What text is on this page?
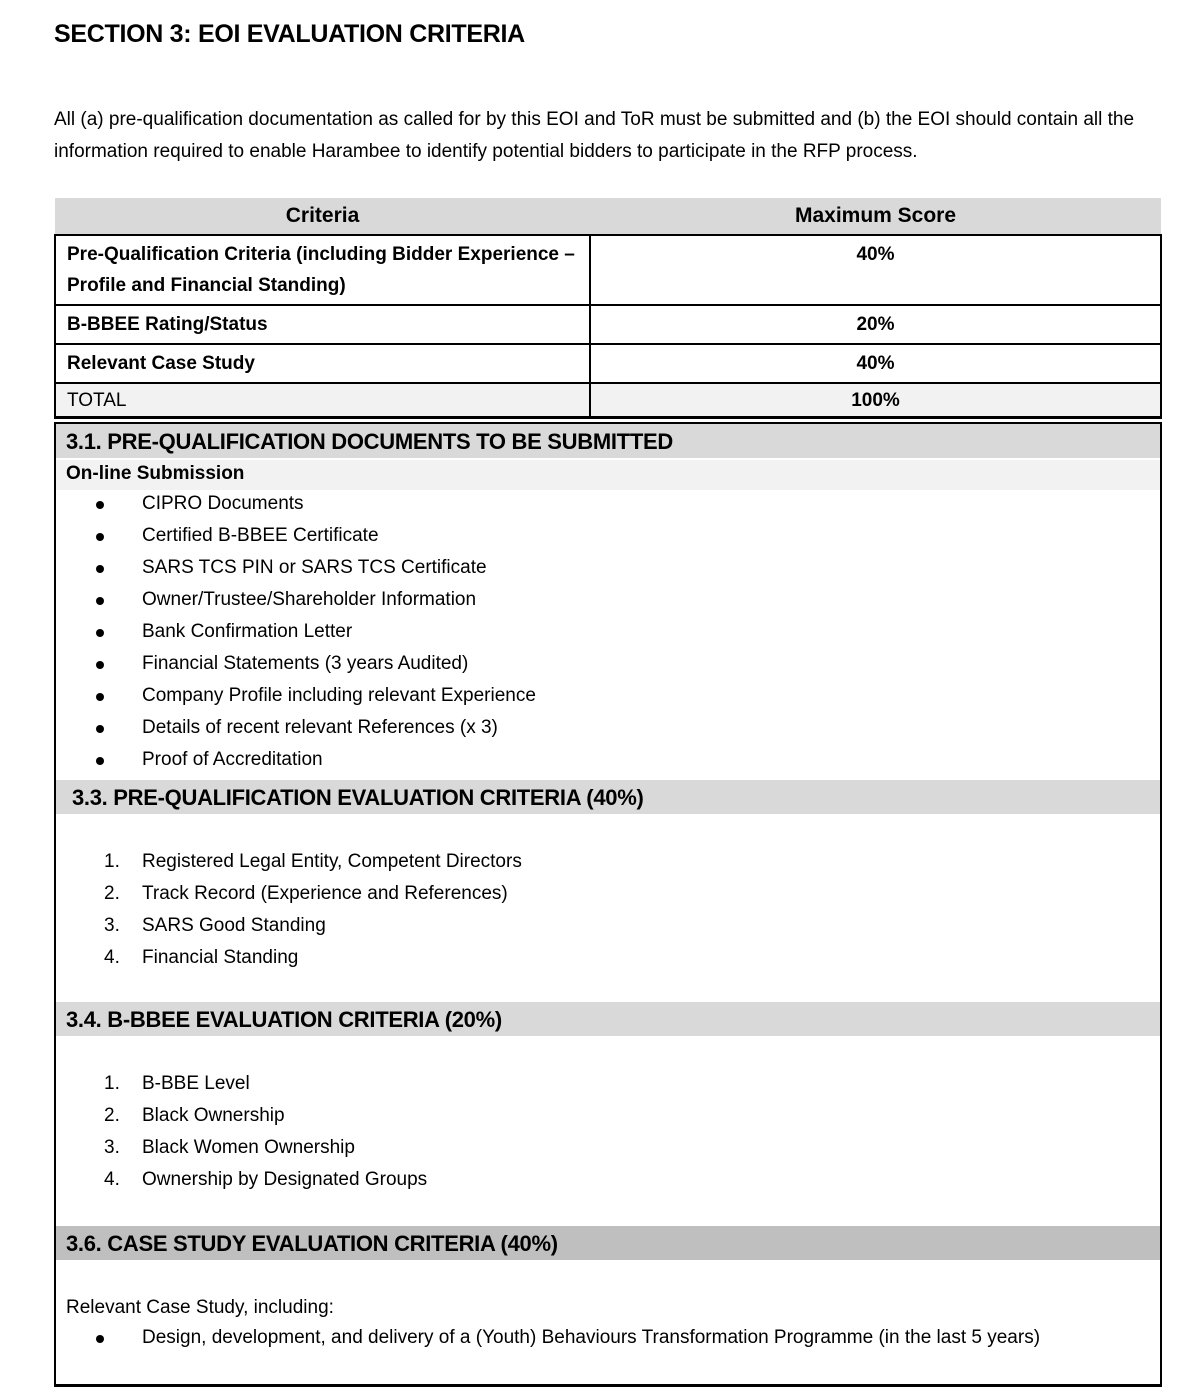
SECTION 3: EOI EVALUATION CRITERIA

All (a) pre-qualification documentation as called for by this EOI and ToR must be submitted and (b) the EOI should contain all the information required to enable Harambee to identify potential bidders to participate in the RFP process.

Criteria	Maximum Score
Pre-Qualification Criteria (including Bidder Experience – Profile and Financial Standing)	40%
B-BBEE Rating/Status	20%
Relevant Case Study	40%
TOTAL	100%
3.1. PRE-QUALIFICATION DOCUMENTS TO BE SUBMITTED
On-line Submission
CIPRO Documents
Certified B-BBEE Certificate
SARS TCS PIN or SARS TCS Certificate
Owner/Trustee/Shareholder Information
Bank Confirmation Letter
Financial Statements (3 years Audited)
Company Profile including relevant Experience
Details of recent relevant References (x 3)
Proof of Accreditation
3.3. PRE-QUALIFICATION EVALUATION CRITERIA (40%)
1. Registered Legal Entity, Competent Directors
2. Track Record (Experience and References)
3. SARS Good Standing
4. Financial Standing
3.4. B-BBEE EVALUATION CRITERIA (20%)
1. B-BBE Level
2. Black Ownership
3. Black Women Ownership
4. Ownership by Designated Groups
3.6. CASE STUDY EVALUATION CRITERIA (40%)
Relevant Case Study, including:
Design, development, and delivery of a (Youth) Behaviours Transformation Programme (in the last 5 years)
